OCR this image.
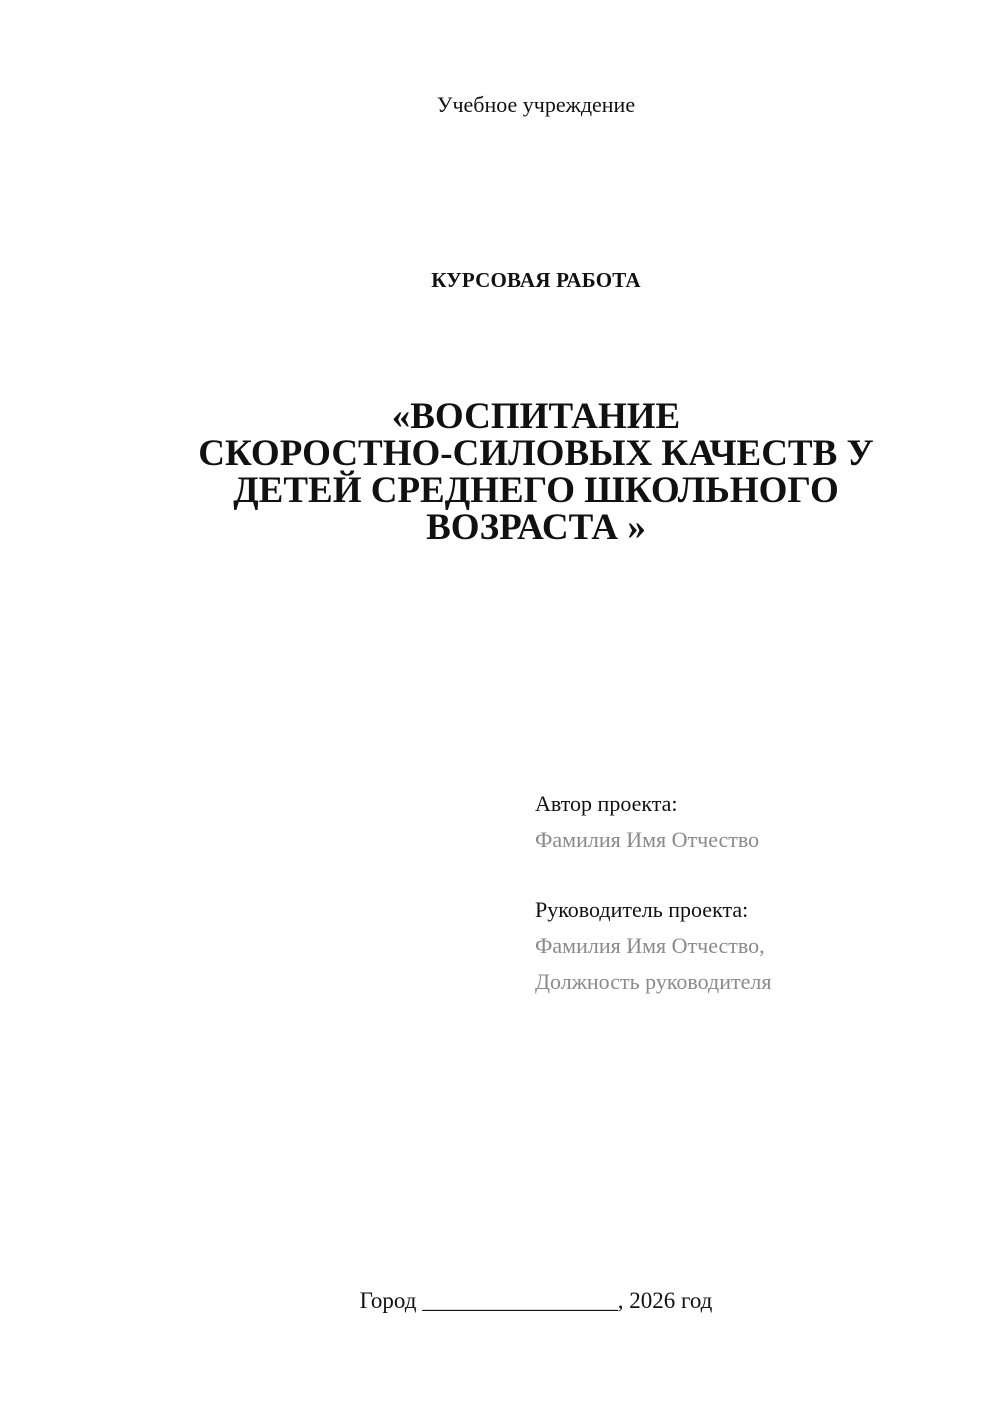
Учебное учреждение
КУРСОВАЯ РАБОТА
«ВОСПИТАНИЕ
СКОРОСТНО-СИЛОВЫХ КАЧЕСТВ У
ДЕТЕЙ СРЕДНЕГО ШКОЛЬНОГО
ВОЗРАСТА »
Автор проекта:
Фамилия Имя Отчество
Руководитель проекта:
Фамилия Имя Отчество,
Должность руководителя
Город _________________, 2026 год
